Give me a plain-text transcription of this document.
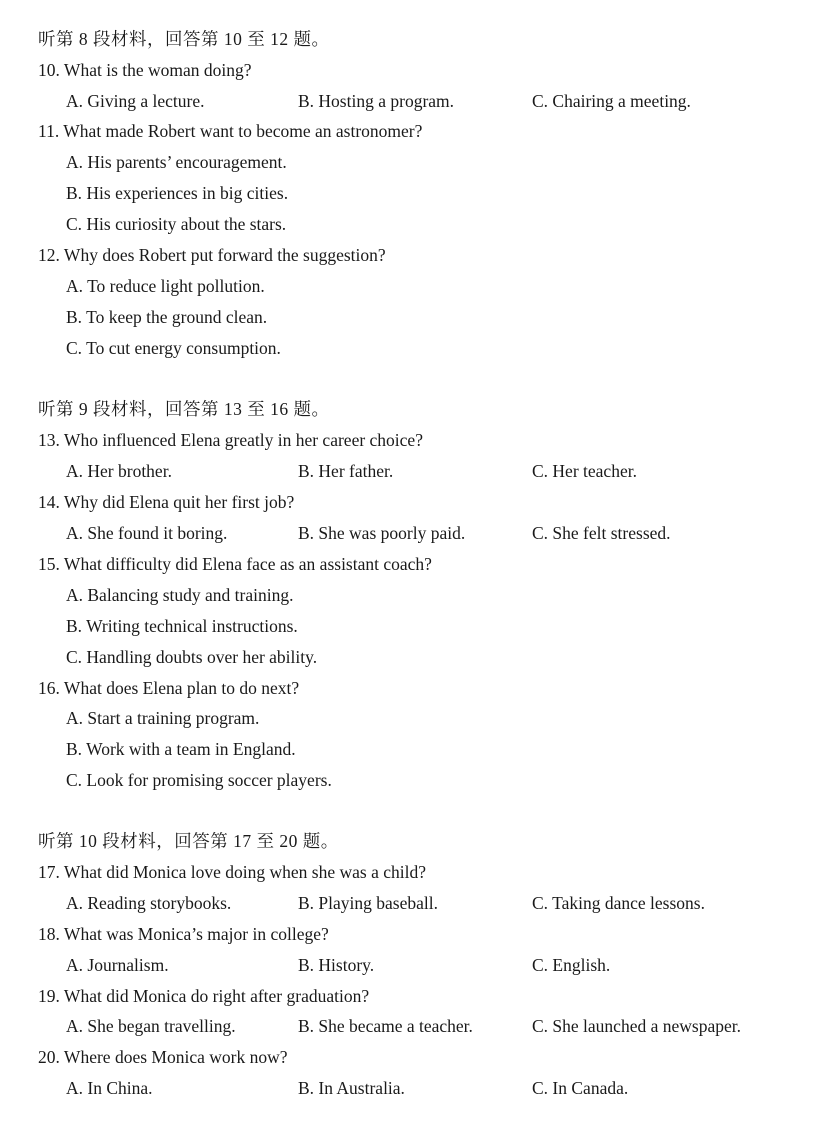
听第 8 段材料，回答第 10 至 12 题。
10. What is the woman doing?
A. Giving a lecture.	B. Hosting a program.	C. Chairing a meeting.
11. What made Robert want to become an astronomer?
A. His parents’ encouragement.
B. His experiences in big cities.
C. His curiosity about the stars.
12. Why does Robert put forward the suggestion?
A. To reduce light pollution.
B. To keep the ground clean.
C. To cut energy consumption.
听第 9 段材料，回答第 13 至 16 题。
13. Who influenced Elena greatly in her career choice?
A. Her brother.	B. Her father.	C. Her teacher.
14. Why did Elena quit her first job?
A. She found it boring.	B. She was poorly paid.	C. She felt stressed.
15. What difficulty did Elena face as an assistant coach?
A. Balancing study and training.
B. Writing technical instructions.
C. Handling doubts over her ability.
16. What does Elena plan to do next?
A. Start a training program.
B. Work with a team in England.
C. Look for promising soccer players.
听第 10 段材料，回答第 17 至 20 题。
17. What did Monica love doing when she was a child?
A. Reading storybooks.	B. Playing baseball.	C. Taking dance lessons.
18. What was Monica’s major in college?
A. Journalism.	B. History.	C. English.
19. What did Monica do right after graduation?
A. She began travelling.	B. She became a teacher.	C. She launched a newspaper.
20. Where does Monica work now?
A. In China.	B. In Australia.	C. In Canada.
